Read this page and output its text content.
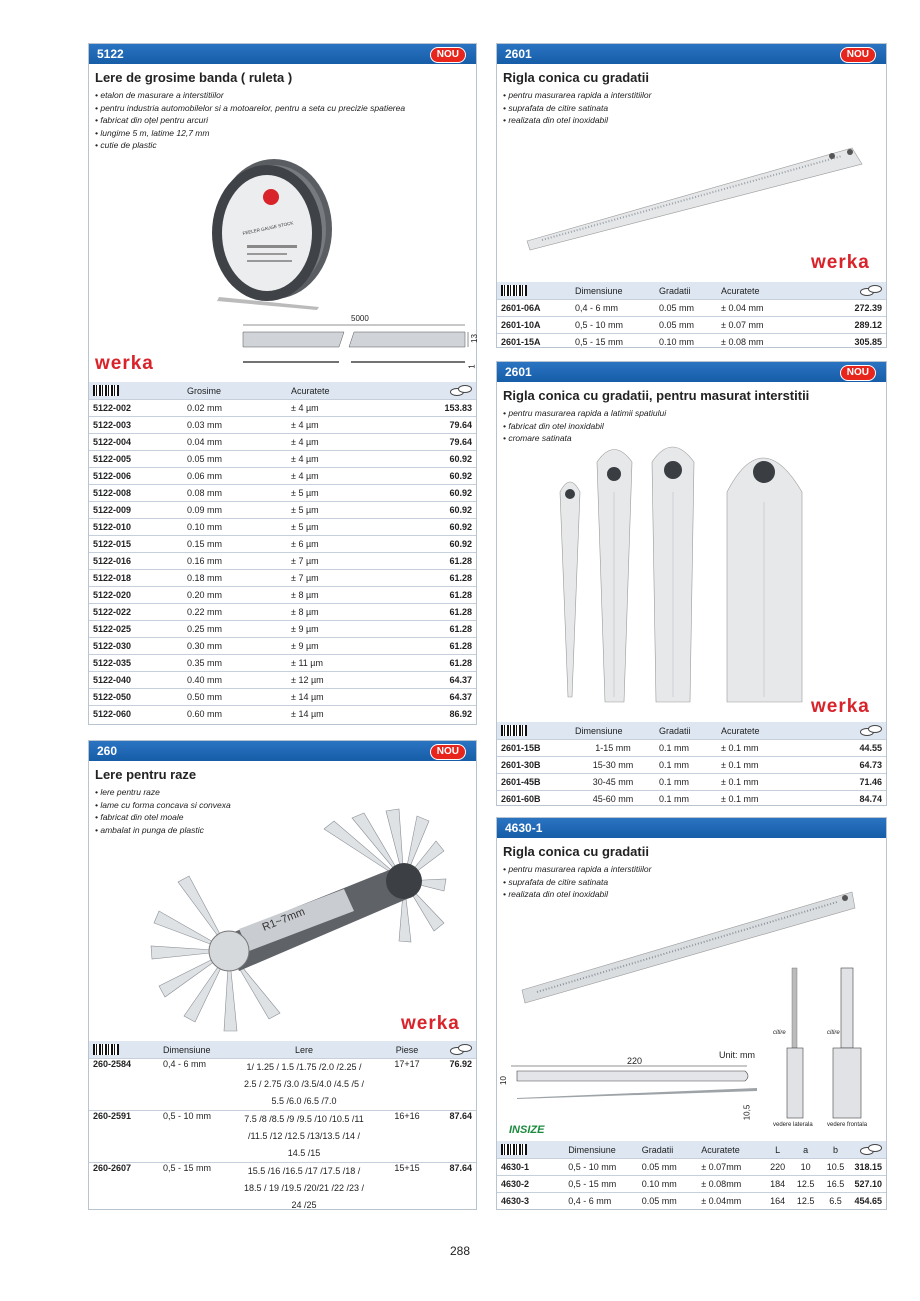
5122	NOU
Lere de grosime banda ( ruleta )
• etalon de masurare a interstitiilor
• pentru industria automobilelor si a motoarelor, pentru a seta cu precizie spatierea
• fabricat din oțel pentru arcuri
• lungime 5 m, latime 12,7 mm
• cutie de plastic
FEELER GAUGE STOCK
5000
13
1
werka
	Grosime	Acuratete	
5122-002	0.02 mm	± 4 µm	153.83
5122-003	0.03 mm	± 4 µm	79.64
5122-004	0.04 mm	± 4 µm	79.64
5122-005	0.05 mm	± 4 µm	60.92
5122-006	0.06 mm	± 4 µm	60.92
5122-008	0.08 mm	± 5 µm	60.92
5122-009	0.09 mm	± 5 µm	60.92
5122-010	0.10 mm	± 5 µm	60.92
5122-015	0.15 mm	± 6 µm	60.92
5122-016	0.16 mm	± 7 µm	61.28
5122-018	0.18 mm	± 7 µm	61.28
5122-020	0.20 mm	± 8 µm	61.28
5122-022	0.22 mm	± 8 µm	61.28
5122-025	0.25 mm	± 9 µm	61.28
5122-030	0.30 mm	± 9 µm	61.28
5122-035	0.35 mm	± 11 µm	61.28
5122-040	0.40 mm	± 12 µm	64.37
5122-050	0.50 mm	± 14 µm	64.37
5122-060	0.60 mm	± 14 µm	86.92
260	NOU
Lere pentru raze
• lere pentru raze
• lame cu forma concava si convexa
• fabricat din otel moale
• ambalat in punga de plastic
R1~7mm
werka
	Dimensiune	Lere	Piese	
260-2584	0,4 - 6 mm	1/ 1.25 / 1.5 /1.75 /2.0 /2.25 /
2.5 / 2.75 /3.0 /3.5/4.0 /4.5 /5 /
5.5 /6.0 /6.5 /7.0	17+17	76.92
260-2591	0,5 - 10 mm	7.5 /8 /8.5 /9 /9.5 /10 /10.5 /11
/11.5 /12 /12.5 /13/13.5 /14 /
14.5 /15	16+16	87.64
260-2607	0,5 - 15 mm	15.5 /16 /16.5 /17 /17.5 /18 /
18.5 / 19 /19.5 /20/21 /22 /23 /
24 /25	15+15	87.64
2601	NOU
Rigla conica cu gradatii
• pentru masurarea rapida a interstitiilor
• suprafata de citire satinata
• realizata din otel inoxidabil
werka
	Dimensiune	Gradatii	Acuratete	
2601-06A	0,4 - 6 mm	0.05 mm	± 0.04 mm	272.39
2601-10A	0,5 - 10 mm	0.05 mm	± 0.07 mm	289.12
2601-15A	0,5 - 15 mm	0.10 mm	± 0.08 mm	305.85
2601	NOU
Rigla conica cu gradatii, pentru masurat interstitii
• pentru masurarea rapida a latimii spatiului
• fabricat din otel inoxidabil
• cromare satinata
werka
	Dimensiune	Gradatii	Acuratete	
2601-15B	1-15 mm	0.1 mm	± 0.1 mm	44.55
2601-30B	15-30 mm	0.1 mm	± 0.1 mm	64.73
2601-45B	30-45 mm	0.1 mm	± 0.1 mm	71.46
2601-60B	45-60 mm	0.1 mm	± 0.1 mm	84.74
4630-1
Rigla conica cu gradatii
• pentru masurarea rapida a interstitiilor
• suprafata de citire satinata
• realizata din otel inoxidabil
Unit: mm
220
10
10,5
citire	citire
vedere laterala vedere frontala
INSIZE
	Dimensiune	Gradatii	Acuratete	L	a	b	
4630-1	0,5 - 10 mm	0.05 mm	± 0.07mm	220	10	10.5	318.15
4630-2	0,5 - 15 mm	0.10 mm	± 0.08mm	184	12.5	16.5	527.10
4630-3	0,4 - 6 mm	0.05 mm	± 0.04mm	164	12.5	6.5	454.65
288
